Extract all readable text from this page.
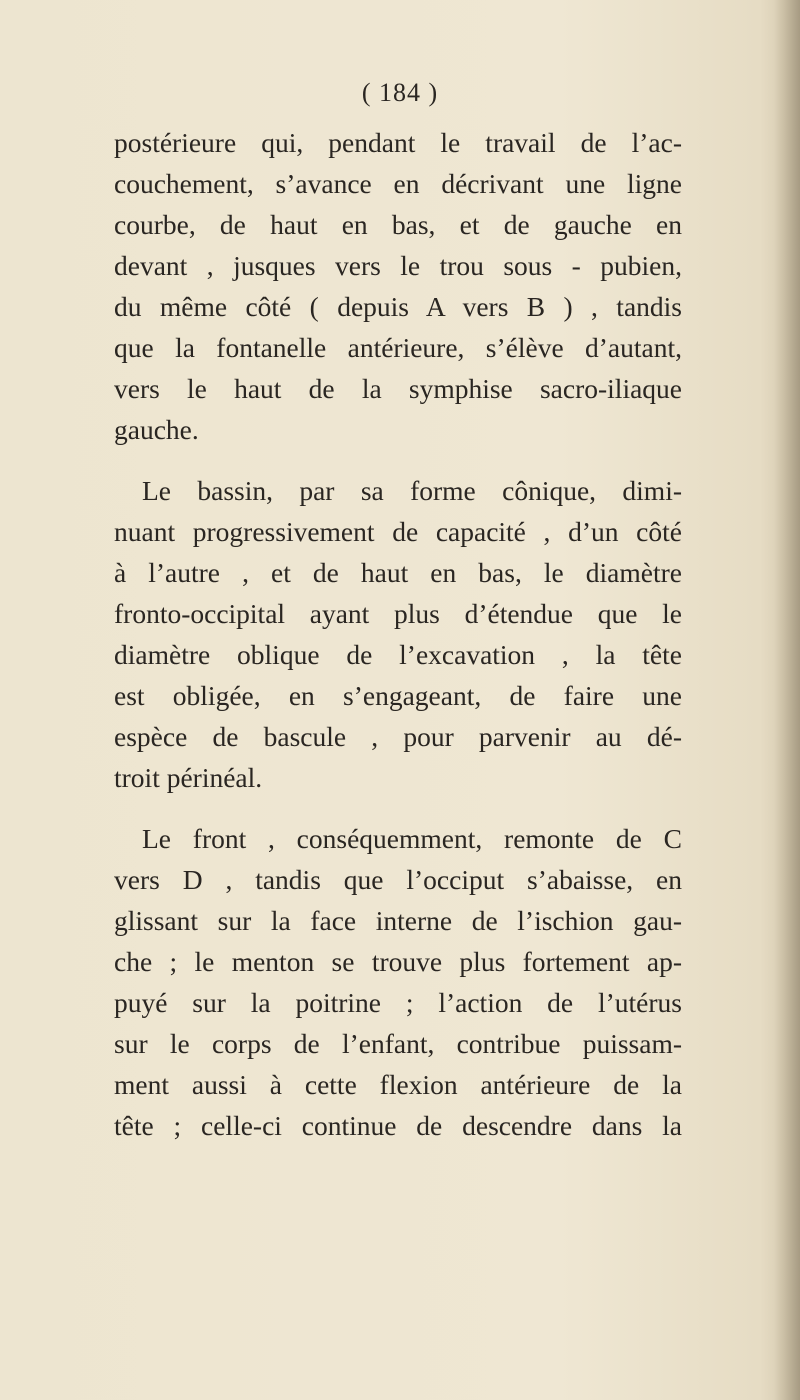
( 184 )
postérieure qui, pendant le travail de l’ac-
couchement, s’avance en décrivant une ligne
courbe, de haut en bas, et de gauche en
devant , jusques vers le trou sous - pubien,
du même côté ( depuis A vers B ) , tandis
que la fontanelle antérieure, s’élève d’autant,
vers le haut de la symphise sacro-iliaque
gauche.
Le bassin, par sa forme cônique, dimi-
nuant progressivement de capacité , d’un côté
à l’autre , et de haut en bas, le diamètre
fronto-occipital ayant plus d’étendue que le
diamètre oblique de l’excavation , la tête
est obligée, en s’engageant, de faire une
espèce de bascule , pour parvenir au dé-
troit périnéal.
Le front , conséquemment, remonte de C
vers D , tandis que l’occiput s’abaisse, en
glissant sur la face interne de l’ischion gau-
che ; le menton se trouve plus fortement ap-
puyé sur la poitrine ; l’action de l’utérus
sur le corps de l’enfant, contribue puissam-
ment aussi à cette flexion antérieure de la
tête ; celle-ci continue de descendre dans la
